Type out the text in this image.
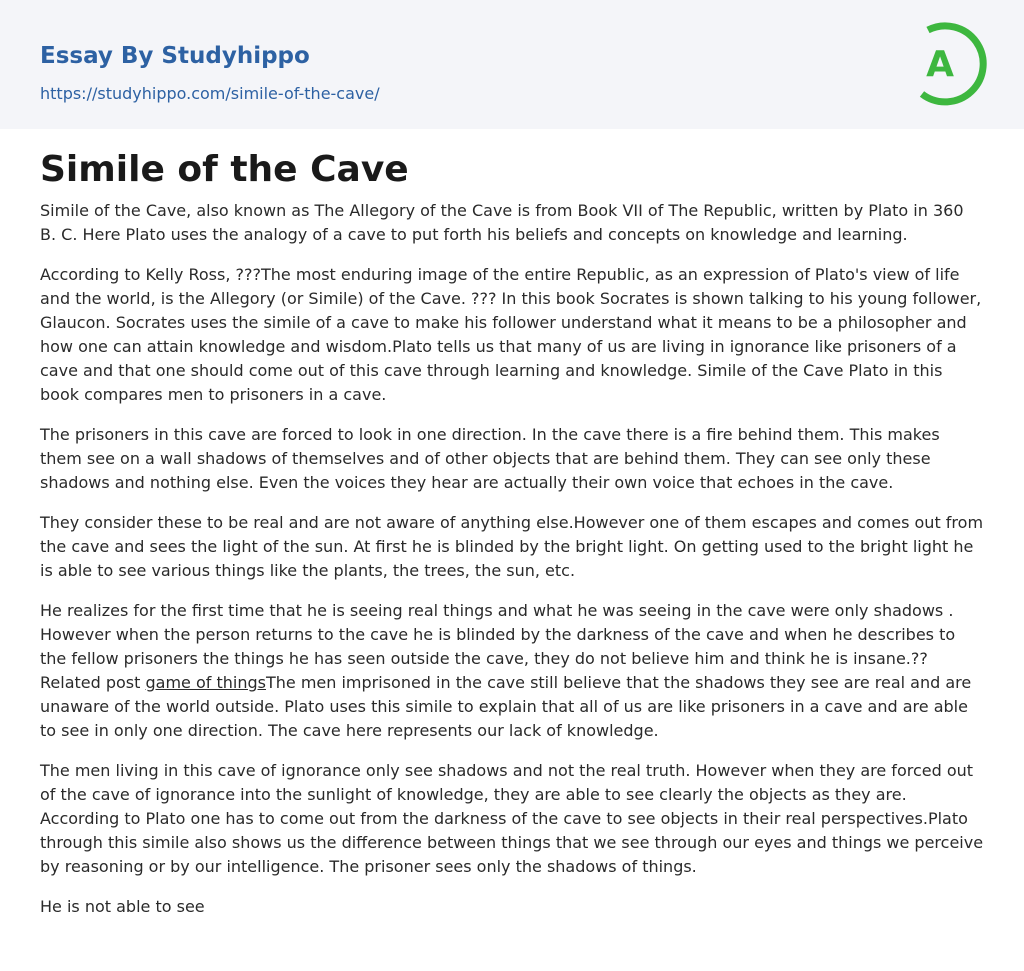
Essay By Studyhippo
https://studyhippo.com/simile-of-the-cave/
A
Simile of the Cave

Simile of the Cave, also known as The Allegory of the Cave is from Book VII of The Republic, written by Plato in 360 B. C. Here Plato uses the analogy of a cave to put forth his beliefs and concepts on knowledge and learning.

According to Kelly Ross, ???The most enduring image of the entire Republic, as an expression of Plato's view of life and the world, is the Allegory (or Simile) of the Cave. ??? In this book Socrates is shown talking to his young follower, Glaucon. Socrates uses the simile of a cave to make his follower understand what it means to be a philosopher and how one can attain knowledge and wisdom.Plato tells us that many of us are living in ignorance like prisoners of a cave and that one should come out of this cave through learning and knowledge. Simile of the Cave Plato in this book compares men to prisoners in a cave.

The prisoners in this cave are forced to look in one direction. In the cave there is a fire behind them. This makes them see on a wall shadows of themselves and of other objects that are behind them. They can see only these shadows and nothing else. Even the voices they hear are actually their own voice that echoes in the cave.

They consider these to be real and are not aware of anything else.However one of them escapes and comes out from the cave and sees the light of the sun. At first he is blinded by the bright light. On getting used to the bright light he is able to see various things like the plants, the trees, the sun, etc.

He realizes for the first time that he is seeing real things and what he was seeing in the cave were only shadows . However when the person returns to the cave he is blinded by the darkness of the cave and when he describes to the fellow prisoners the things he has seen outside the cave, they do not believe him and think he is insane.??Related post game of thingsThe men imprisoned in the cave still believe that the shadows they see are real and are unaware of the world outside. Plato uses this simile to explain that all of us are like prisoners in a cave and are able to see in only one direction. The cave here represents our lack of knowledge.

The men living in this cave of ignorance only see shadows and not the real truth. However when they are forced out of the cave of ignorance into the sunlight of knowledge, they are able to see clearly the objects as they are. According to Plato one has to come out from the darkness of the cave to see objects in their real perspectives.Plato through this simile also shows us the difference between things that we see through our eyes and things we perceive by reasoning or by our intelligence. The prisoner sees only the shadows of things.

He is not able to see
